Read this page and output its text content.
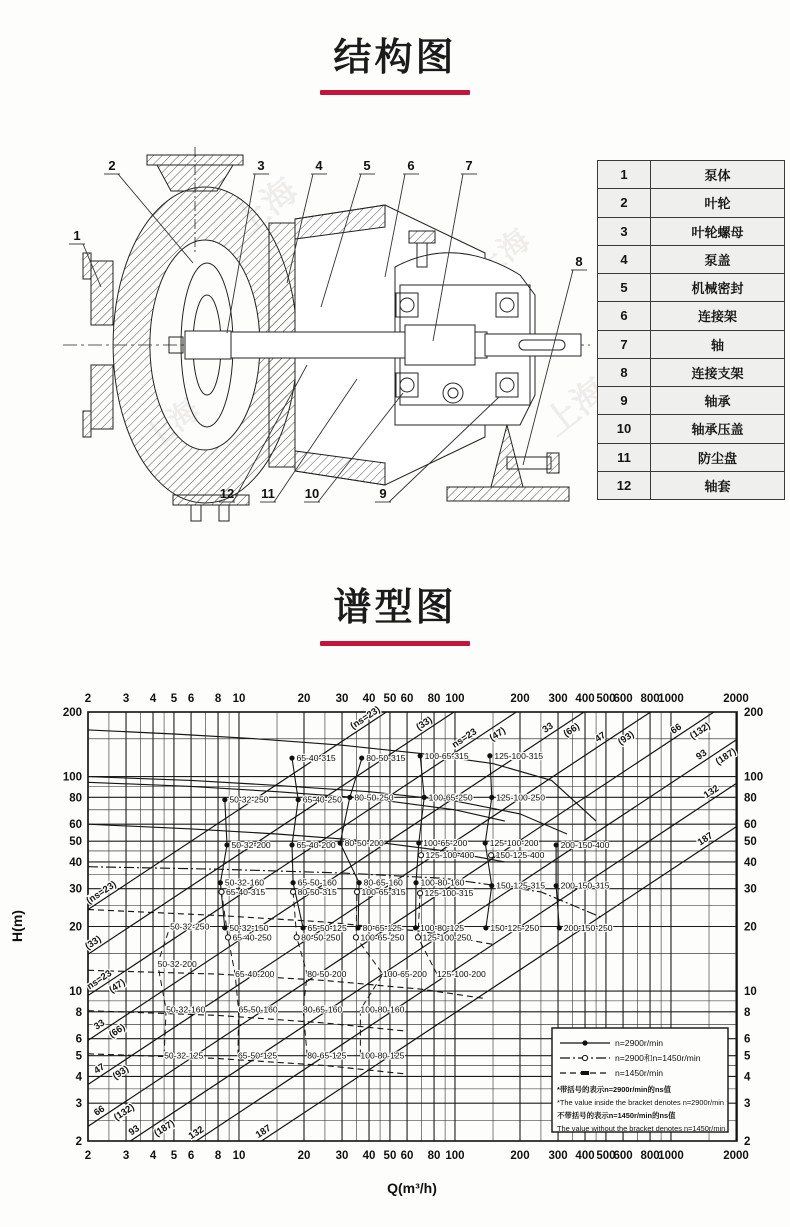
结构图
上海
上海
上海	上海
1
2	3	4	5	6	7
8
9
10
11
12
1	泵体
2	叶轮
3	叶轮螺母
4	泵盖
5	机械密封
6	连接架
7	轴
8	连接支架
9	轴承
10	轴承压盖
11	防尘盘
12	轴套
谱型图
(ns=23)
(ns=23)
(33)
(33)
ns=23
(47)
ns=23 (47)
33 (66)
33 (66)
47 (93)
47 (93)
66 (132)
66 (132)
93 (187)
93 (187)
132
132
187
187
65-40-315	80-50-315 100-65-315	125-100-315
50-32-250	65-40-250 80-50-250	100-65-250	125-100-250
50-32-200	65-40-200 80-50-200	100-65-200	125-100-200	200-150-400
50-32-160	65-50-160	80-65-160 100-80-160	150-125-315 200-150-315
50-32-150	65-50-125 80-65-125 100-80-125	150-125-250	200-150-250
65-40-315	80-50-315	100-65-315 125-100-315
65-40-250	80-50-250 100-65-250 125-100-250
125-100-400 150-125-400
50-32-250
50-32-200
65-40-200	80-50-200	100-65-200 125-100-200
50-32-160	65-50-160	80-65-160 100-80-160
50-32-125	65-50-125	80-65-125 100-80-125
2
2
3
3
4
4
5
5
6
6
8
8
10
10
20
20
30
30
40
40
50
50
60
60
80
80
100
100
200
200
300
300
400
400
500
500
600
600
800
800
1000
1000
2000
2000
2	2
3	3
4	4
5	5
6	6
8	8
10	10
20	20
30	30
40	40
50	50
60	60
80	80
100	100
200	200
Q(m³/h)
H(m)
n=2900r/min
n=2900和n=1450r/min
n=1450r/min
*带括号的表示n=2900r/min的ns值
*The value inside the bracket denotes n=2900r/min
不带括号的表示n=1450r/min的ns值
The value without the bracket denotes n=1450r/min
